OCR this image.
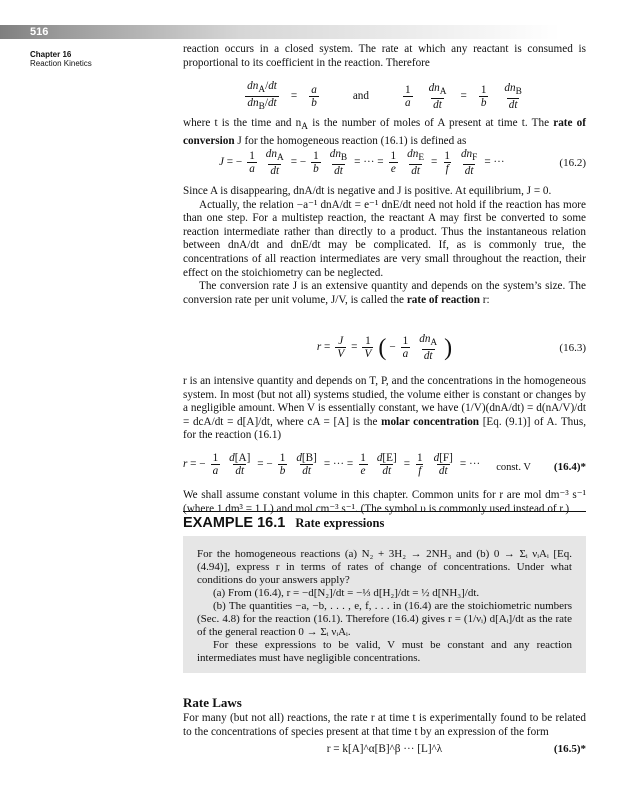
516
Chapter 16
Reaction Kinetics

reaction occurs in a closed system. The rate at which any reactant is consumed is proportional to its coefficient in the reaction. Therefore

$\frac{dn_A/dt}{dn_B/dt} = \frac{a}{b}$	and	$\frac{1}{a} \frac{dn_A}{dt} = \frac{1}{b} \frac{dn_B}{dt}$

where t is the time and $n_A$ is the number of moles of A present at time t. The rate of conversion J for the homogeneous reaction (16.1) is defined as

J = − $\frac{1}{a} \frac{dn_A}{dt}$ = − $\frac{1}{b} \frac{dn_B}{dt}$ = ··· = $\frac{1}{e} \frac{dn_E}{dt} = \frac{1}{f} \frac{dn_F}{dt}$ = ···	(16.2)

Since A is disappearing, dnA/dt is negative and J is positive. At equilibrium, J = 0.

Actually, the relation −a⁻¹ dnA/dt = e⁻¹ dnE/dt need not hold if the reaction has more than one step. For a multistep reaction, the reactant A may first be converted to some reaction intermediate rather than directly to a product. Thus the instantaneous relation between dnA/dt and dnE/dt may be complicated. If, as is commonly true, the concentrations of all reaction intermediates are very small throughout the reaction, their effect on the stoichiometry can be neglected.

The conversion rate J is an extensive quantity and depends on the system’s size. The conversion rate per unit volume, J/V, is called the rate of reaction r:

$r = \frac{J}{V} = \frac{1}{V}$ ( − $\frac{1}{a} \frac{dn_A}{dt}$ )	(16.3)

r is an intensive quantity and depends on T, P, and the concentrations in the homogeneous system. In most (but not all) systems studied, the volume either is constant or changes by a negligible amount. When V is essentially constant, we have (1/V)(dnA/dt) = d(nA/V)/dt = dcA/dt = d[A]/dt, where cA = [A] is the molar concentration [Eq. (9.1)] of A. Thus, for the reaction (16.1)

r = − $\frac{1}{a} \frac{d[A]}{dt}$ = − $\frac{1}{b} \frac{d[B]}{dt}$ = ··· = $\frac{1}{e} \frac{d[E]}{dt} = \frac{1}{f} \frac{d[F]}{dt}$ = ··· const. V (16.4)*

We shall assume constant volume in this chapter. Common units for r are mol dm⁻³ s⁻¹ (where 1 dm³ = 1 L) and mol cm⁻³ s⁻¹. (The symbol υ is commonly used instead of r.)

EXAMPLE 16.1 Rate expressions

For the homogeneous reactions (a) N₂ + 3H₂ → 2NH₃ and (b) 0 → Σᵢ νᵢAᵢ [Eq. (4.94)], express r in terms of rates of change of concentrations. Under what conditions do your answers apply?

(a) From (16.4), r = −d[N₂]/dt = −⅓ d[H₂]/dt = ½ d[NH₃]/dt.

(b) The quantities −a, −b, . . . , e, f, . . . in (16.4) are the stoichiometric numbers (Sec. 4.8) for the reaction (16.1). Therefore (16.4) gives r = (1/νᵢ) d[Aᵢ]/dt as the rate of the general reaction 0 → Σᵢ νᵢAᵢ.

For these expressions to be valid, V must be constant and any reaction intermediates must have negligible concentrations.

Rate Laws

For many (but not all) reactions, the rate r at time t is experimentally found to be related to the concentrations of species present at that time t by an expression of the form

r = k[A]^α[B]^β ··· [L]^λ	(16.5)*
